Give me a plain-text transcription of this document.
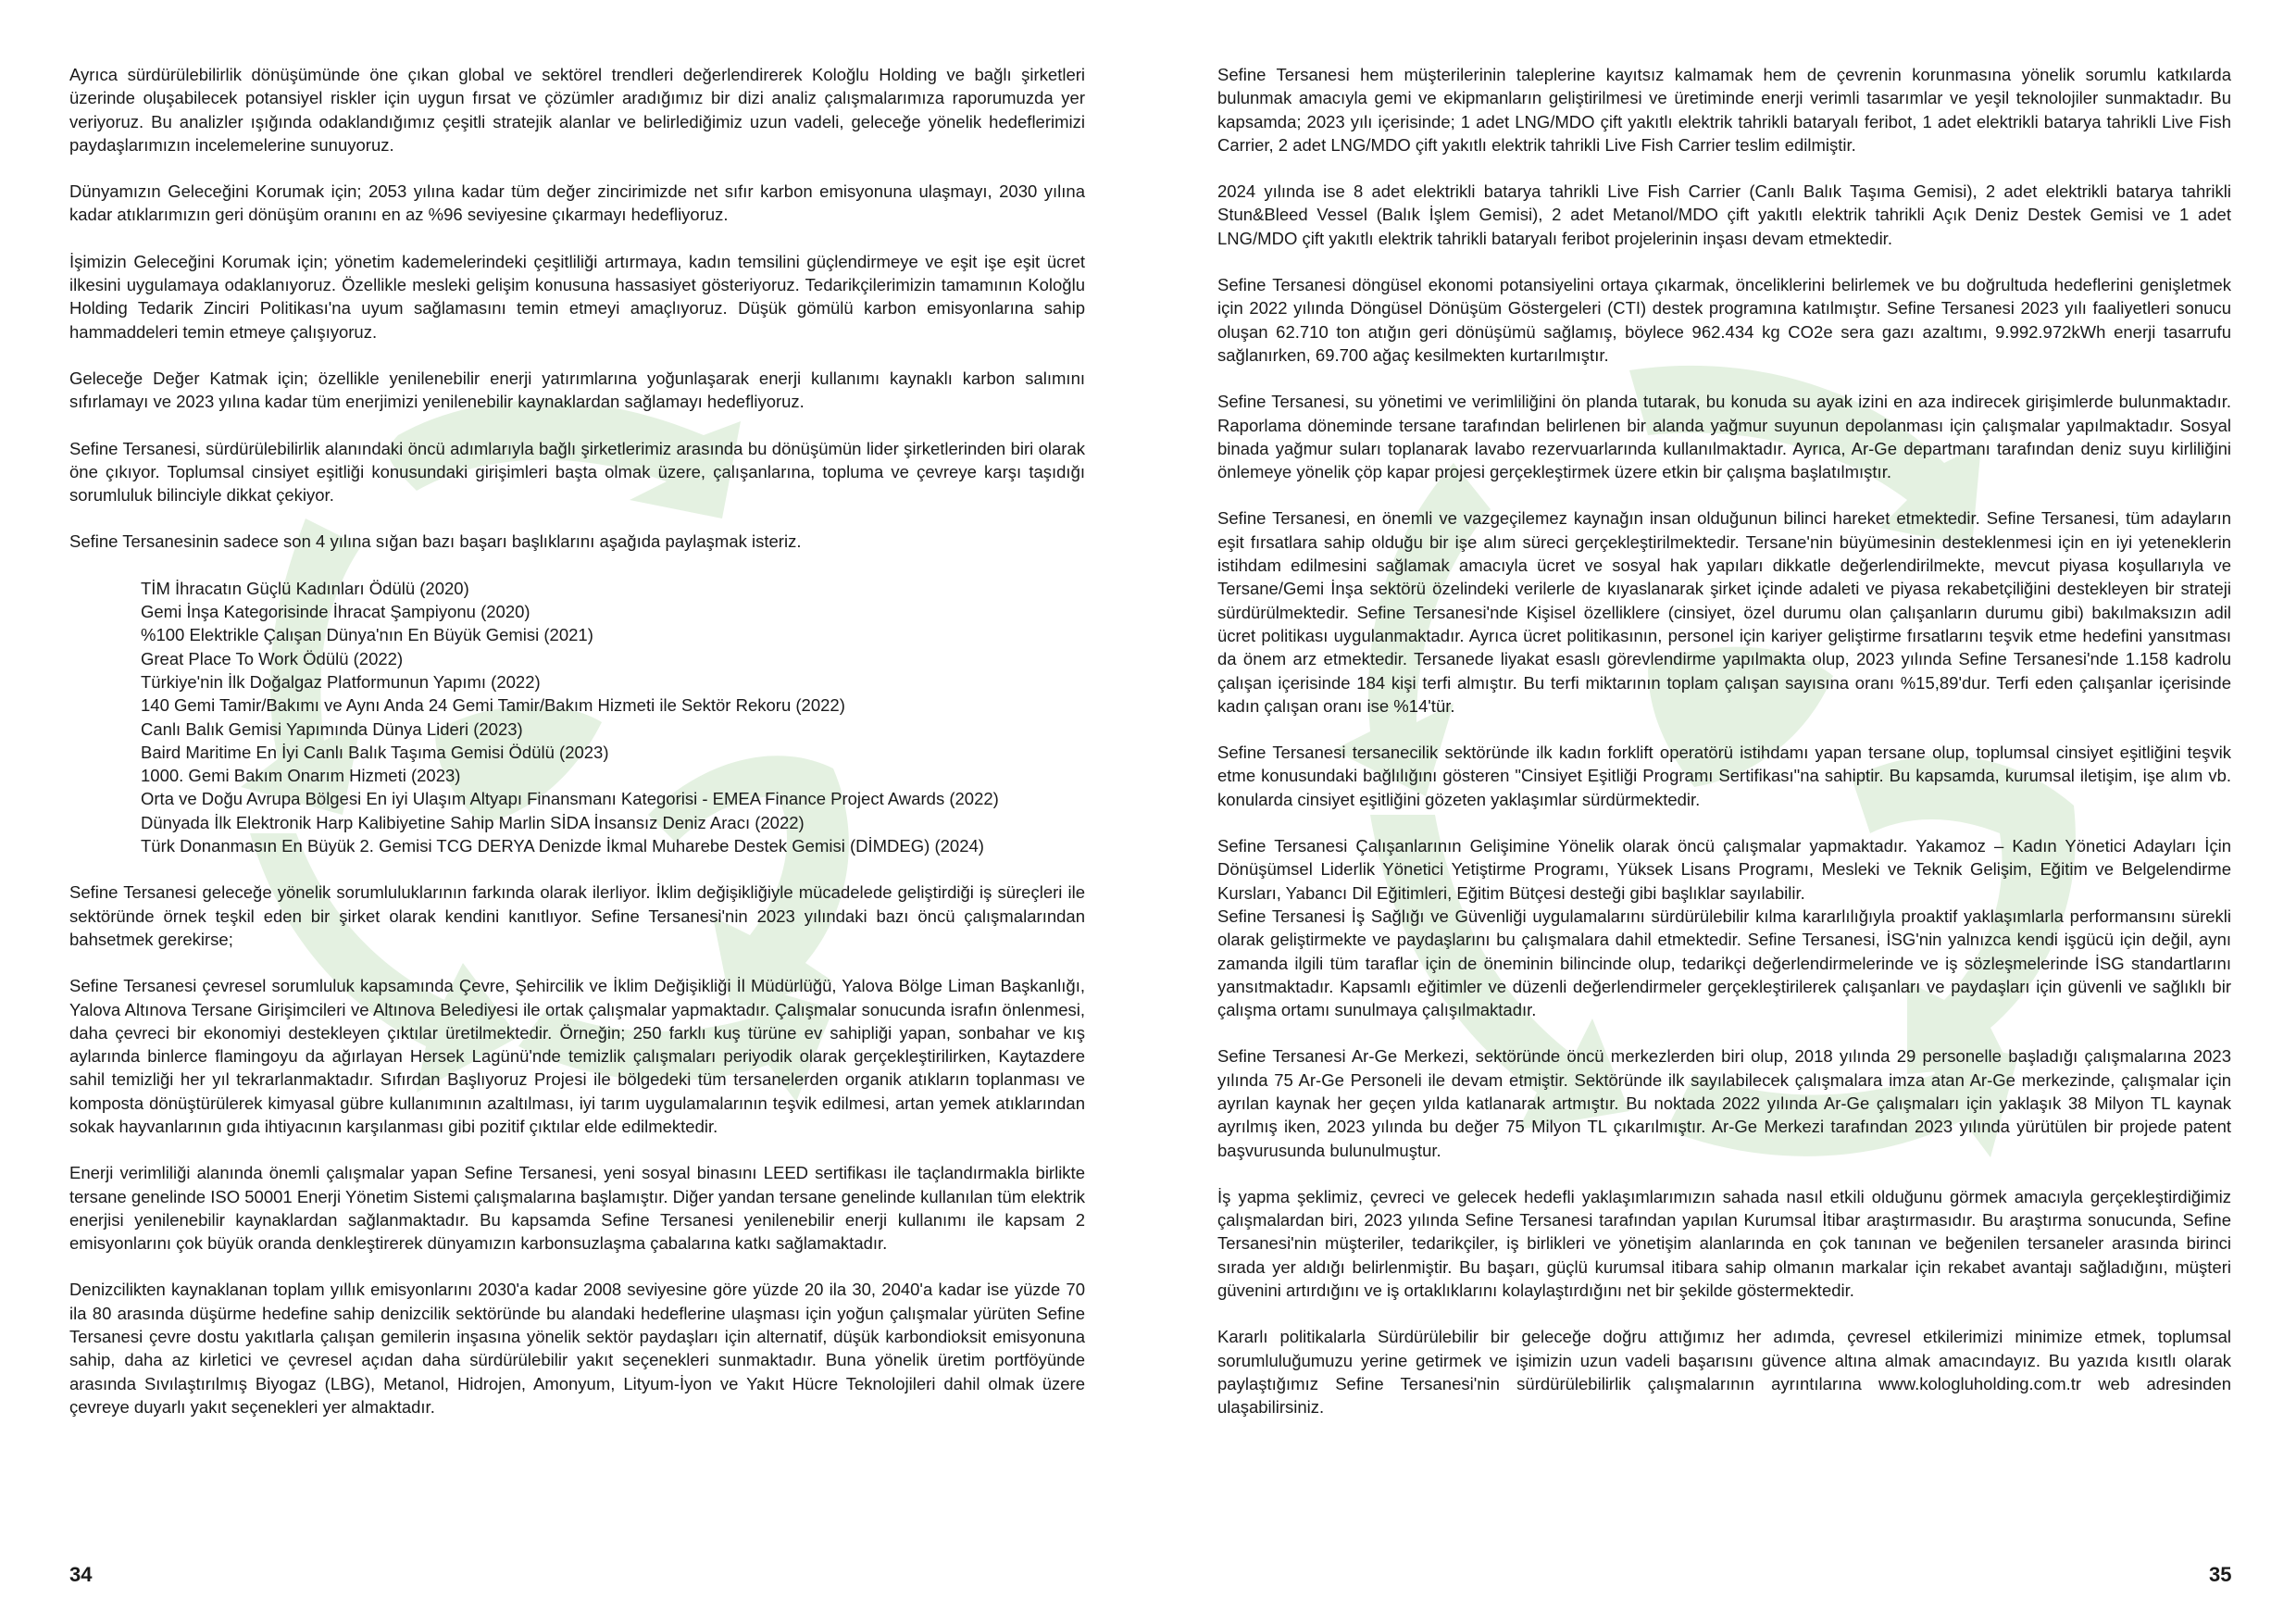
Ayrıca sürdürülebilirlik dönüşümünde öne çıkan global ve sektörel trendleri değerlendirerek Koloğlu Holding ve bağlı şirketleri üzerinde oluşabilecek potansiyel riskler için uygun fırsat ve çözümler aradığımız bir dizi analiz çalışmalarımıza raporumuzda yer veriyoruz. Bu analizler ışığında odaklandığımız çeşitli stratejik alanlar ve belirlediğimiz uzun vadeli, geleceğe yönelik hedeflerimizi paydaşlarımızın incelemelerine sunuyoruz.

Dünyamızın Geleceğini Korumak için; 2053 yılına kadar tüm değer zincirimizde net sıfır karbon emisyonuna ulaşmayı, 2030 yılına kadar atıklarımızın geri dönüşüm oranını en az %96 seviyesine çıkarmayı hedefliyoruz.

İşimizin Geleceğini Korumak için; yönetim kademelerindeki çeşitliliği artırmaya, kadın temsilini güçlendirmeye ve eşit işe eşit ücret ilkesini uygulamaya odaklanıyoruz. Özellikle mesleki gelişim konusuna hassasiyet gösteriyoruz. Tedarikçilerimizin tamamının Koloğlu Holding Tedarik Zinciri Politikası'na uyum sağlamasını temin etmeyi amaçlıyoruz. Düşük gömülü karbon emisyonlarına sahip hammaddeleri temin etmeye çalışıyoruz.

Geleceğe Değer Katmak için; özellikle yenilenebilir enerji yatırımlarına yoğunlaşarak enerji kullanımı kaynaklı karbon salımını sıfırlamayı ve 2023 yılına kadar tüm enerjimizi yenilenebilir kaynaklardan sağlamayı hedefliyoruz.

Sefine Tersanesi, sürdürülebilirlik alanındaki öncü adımlarıyla bağlı şirketlerimiz arasında bu dönüşümün lider şirketlerinden biri olarak öne çıkıyor. Toplumsal cinsiyet eşitliği konusundaki girişimleri başta olmak üzere, çalışanlarına, topluma ve çevreye karşı taşıdığı sorumluluk bilinciyle dikkat çekiyor.

Sefine Tersanesinin sadece son 4 yılına sığan bazı başarı başlıklarını aşağıda paylaşmak isteriz.

TİM İhracatın Güçlü Kadınları Ödülü (2020)
Gemi İnşa Kategorisinde İhracat Şampiyonu (2020)
%100 Elektrikle Çalışan Dünya'nın En Büyük Gemisi (2021)
Great Place To Work Ödülü (2022)
Türkiye'nin İlk Doğalgaz Platformunun Yapımı (2022)
140 Gemi Tamir/Bakımı ve Aynı Anda 24 Gemi Tamir/Bakım Hizmeti ile Sektör Rekoru (2022)
Canlı Balık Gemisi Yapımında Dünya Lideri (2023)
Baird Maritime En İyi Canlı Balık Taşıma Gemisi Ödülü (2023)
1000. Gemi Bakım Onarım Hizmeti (2023)
Orta ve Doğu Avrupa Bölgesi En iyi Ulaşım Altyapı Finansmanı Kategorisi - EMEA Finance Project Awards (2022)
Dünyada İlk Elektronik Harp Kalibiyetine Sahip Marlin SİDA İnsansız Deniz Aracı (2022)
Türk Donanmasın En Büyük 2. Gemisi TCG DERYA Denizde İkmal Muharebe Destek Gemisi (DİMDEG) (2024)

Sefine Tersanesi geleceğe yönelik sorumluluklarının farkında olarak ilerliyor. İklim değişikliğiyle mücadelede geliştirdiği iş süreçleri ile sektöründe örnek teşkil eden bir şirket olarak kendini kanıtlıyor. Sefine Tersanesi'nin 2023 yılındaki bazı öncü çalışmalarından bahsetmek gerekirse;

Sefine Tersanesi çevresel sorumluluk kapsamında Çevre, Şehircilik ve İklim Değişikliği İl Müdürlüğü, Yalova Bölge Liman Başkanlığı, Yalova Altınova Tersane Girişimcileri ve Altınova Belediyesi ile ortak çalışmalar yapmaktadır. Çalışmalar sonucunda israfın önlenmesi, daha çevreci bir ekonomiyi destekleyen çıktılar üretilmektedir. Örneğin; 250 farklı kuş türüne ev sahipliği yapan, sonbahar ve kış aylarında binlerce flamingoyu da ağırlayan Hersek Lagünü'nde temizlik çalışmaları periyodik olarak gerçekleştirilirken, Kaytazdere sahil temizliği her yıl tekrarlanmaktadır. Sıfırdan Başlıyoruz Projesi ile bölgedeki tüm tersanelerden organik atıkların toplanması ve komposta dönüştürülerek kimyasal gübre kullanımının azaltılması, iyi tarım uygulamalarının teşvik edilmesi, artan yemek atıklarından sokak hayvanlarının gıda ihtiyacının karşılanması gibi pozitif çıktılar elde edilmektedir.

Enerji verimliliği alanında önemli çalışmalar yapan Sefine Tersanesi, yeni sosyal binasını LEED sertifikası ile taçlandırmakla birlikte tersane genelinde ISO 50001 Enerji Yönetim Sistemi çalışmalarına başlamıştır. Diğer yandan tersane genelinde kullanılan tüm elektrik enerjisi yenilenebilir kaynaklardan sağlanmaktadır. Bu kapsamda Sefine Tersanesi yenilenebilir enerji kullanımı ile kapsam 2 emisyonlarını çok büyük oranda denkleştirerek dünyamızın karbonsuzlaşma çabalarına katkı sağlamaktadır.

Denizcilikten kaynaklanan toplam yıllık emisyonlarını 2030'a kadar 2008 seviyesine göre yüzde 20 ila 30, 2040'a kadar ise yüzde 70 ila 80 arasında düşürme hedefine sahip denizcilik sektöründe bu alandaki hedeflerine ulaşması için yoğun çalışmalar yürüten Sefine Tersanesi çevre dostu yakıtlarla çalışan gemilerin inşasına yönelik sektör paydaşları için alternatif, düşük karbondioksit emisyonuna sahip, daha az kirletici ve çevresel açıdan daha sürdürülebilir yakıt seçenekleri sunmaktadır. Buna yönelik üretim portföyünde arasında Sıvılaştırılmış Biyogaz (LBG), Metanol, Hidrojen, Amonyum, Lityum-İyon ve Yakıt Hücre Teknolojileri dahil olmak üzere çevreye duyarlı yakıt seçenekleri yer almaktadır.

34

Sefine Tersanesi hem müşterilerinin taleplerine kayıtsız kalmamak hem de çevrenin korunmasına yönelik sorumlu katkılarda bulunmak amacıyla gemi ve ekipmanların geliştirilmesi ve üretiminde enerji verimli tasarımlar ve yeşil teknolojiler sunmaktadır. Bu kapsamda; 2023 yılı içerisinde; 1 adet LNG/MDO çift yakıtlı elektrik tahrikli bataryalı feribot, 1 adet elektrikli batarya tahrikli Live Fish Carrier, 2 adet LNG/MDO çift yakıtlı elektrik tahrikli Live Fish Carrier teslim edilmiştir.

2024 yılında ise 8 adet elektrikli batarya tahrikli Live Fish Carrier (Canlı Balık Taşıma Gemisi), 2 adet elektrikli batarya tahrikli Stun&Bleed Vessel (Balık İşlem Gemisi), 2 adet Metanol/MDO çift yakıtlı elektrik tahrikli Açık Deniz Destek Gemisi ve 1 adet LNG/MDO çift yakıtlı elektrik tahrikli bataryalı feribot projelerinin inşası devam etmektedir.

Sefine Tersanesi döngüsel ekonomi potansiyelini ortaya çıkarmak, önceliklerini belirlemek ve bu doğrultuda hedeflerini genişletmek için 2022 yılında Döngüsel Dönüşüm Göstergeleri (CTI) destek programına katılmıştır. Sefine Tersanesi 2023 yılı faaliyetleri sonucu oluşan 62.710 ton atığın geri dönüşümü sağlamış, böylece 962.434 kg CO2e sera gazı azaltımı, 9.992.972kWh enerji tasarrufu sağlanırken, 69.700 ağaç kesilmekten kurtarılmıştır.

Sefine Tersanesi, su yönetimi ve verimliliğini ön planda tutarak, bu konuda su ayak izini en aza indirecek girişimlerde bulunmaktadır. Raporlama döneminde tersane tarafından belirlenen bir alanda yağmur suyunun depolanması için çalışmalar yapılmaktadır. Sosyal binada yağmur suları toplanarak lavabo rezervuarlarında kullanılmaktadır. Ayrıca, Ar-Ge departmanı tarafından deniz suyu kirliliğini önlemeye yönelik çöp kapar projesi gerçekleştirmek üzere etkin bir çalışma başlatılmıştır.

Sefine Tersanesi, en önemli ve vazgeçilemez kaynağın insan olduğunun bilinci hareket etmektedir. Sefine Tersanesi, tüm adayların eşit fırsatlara sahip olduğu bir işe alım süreci gerçekleştirilmektedir. Tersane'nin büyümesinin desteklenmesi için en iyi yeteneklerin istihdam edilmesini sağlamak amacıyla ücret ve sosyal hak yapıları dikkatle değerlendirilmekte, mevcut piyasa koşullarıyla ve Tersane/Gemi İnşa sektörü özelindeki verilerle de kıyaslanarak şirket içinde adaleti ve piyasa rekabetçiliğini destekleyen bir strateji sürdürülmektedir. Sefine Tersanesi'nde Kişisel özelliklere (cinsiyet, özel durumu olan çalışanların durumu gibi) bakılmaksızın adil ücret politikası uygulanmaktadır. Ayrıca ücret politikasının, personel için kariyer geliştirme fırsatlarını teşvik etme hedefini yansıtması da önem arz etmektedir. Tersanede liyakat esaslı görevlendirme yapılmakta olup, 2023 yılında Sefine Tersanesi'nde 1.158 kadrolu çalışan içerisinde 184 kişi terfi almıştır. Bu terfi miktarının toplam çalışan sayısına oranı %15,89'dur. Terfi eden çalışanlar içerisinde kadın çalışan oranı ise %14'tür.

Sefine Tersanesi tersanecilik sektöründe ilk kadın forklift operatörü istihdamı yapan tersane olup, toplumsal cinsiyet eşitliğini teşvik etme konusundaki bağlılığını gösteren "Cinsiyet Eşitliği Programı Sertifikası"na sahiptir. Bu kapsamda, kurumsal iletişim, işe alım vb. konularda cinsiyet eşitliğini gözeten yaklaşımlar sürdürmektedir.

Sefine Tersanesi Çalışanlarının Gelişimine Yönelik olarak öncü çalışmalar yapmaktadır. Yakamoz – Kadın Yönetici Adayları İçin Dönüşümsel Liderlik Yönetici Yetiştirme Programı, Yüksek Lisans Programı, Mesleki ve Teknik Gelişim, Eğitim ve Belgelendirme Kursları, Yabancı Dil Eğitimleri, Eğitim Bütçesi desteği gibi başlıklar sayılabilir.

Sefine Tersanesi İş Sağlığı ve Güvenliği uygulamalarını sürdürülebilir kılma kararlılığıyla proaktif yaklaşımlarla performansını sürekli olarak geliştirmekte ve paydaşlarını bu çalışmalara dahil etmektedir. Sefine Tersanesi, İSG'nin yalnızca kendi işgücü için değil, aynı zamanda ilgili tüm taraflar için de öneminin bilincinde olup, tedarikçi değerlendirmelerinde ve iş sözleşmelerinde İSG standartlarını yansıtmaktadır. Kapsamlı eğitimler ve düzenli değerlendirmeler gerçekleştirilerek çalışanları ve paydaşları için güvenli ve sağlıklı bir çalışma ortamı sunulmaya çalışılmaktadır.

Sefine Tersanesi Ar-Ge Merkezi, sektöründe öncü merkezlerden biri olup, 2018 yılında 29 personelle başladığı çalışmalarına 2023 yılında 75 Ar-Ge Personeli ile devam etmiştir. Sektöründe ilk sayılabilecek çalışmalara imza atan Ar-Ge merkezinde, çalışmalar için ayrılan kaynak her geçen yılda katlanarak artmıştır. Bu noktada 2022 yılında Ar-Ge çalışmaları için yaklaşık 38 Milyon TL kaynak ayrılmış iken, 2023 yılında bu değer 75 Milyon TL çıkarılmıştır. Ar-Ge Merkezi tarafından 2023 yılında yürütülen bir projede patent başvurusunda bulunulmuştur.

İş yapma şeklimiz, çevreci ve gelecek hedefli yaklaşımlarımızın sahada nasıl etkili olduğunu görmek amacıyla gerçekleştirdiğimiz çalışmalardan biri, 2023 yılında Sefine Tersanesi tarafından yapılan Kurumsal İtibar araştırmasıdır. Bu araştırma sonucunda, Sefine Tersanesi'nin müşteriler, tedarikçiler, iş birlikleri ve yönetişim alanlarında en çok tanınan ve beğenilen tersaneler arasında birinci sırada yer aldığı belirlenmiştir. Bu başarı, güçlü kurumsal itibara sahip olmanın markalar için rekabet avantajı sağladığını, müşteri güvenini artırdığını ve iş ortaklıklarını kolaylaştırdığını net bir şekilde göstermektedir.

Kararlı politikalarla Sürdürülebilir bir geleceğe doğru attığımız her adımda, çevresel etkilerimizi minimize etmek, toplumsal sorumluluğumuzu yerine getirmek ve işimizin uzun vadeli başarısını güvence altına almak amacındayız. Bu yazıda kısıtlı olarak paylaştığımız Sefine Tersanesi'nin sürdürülebilirlik çalışmalarının ayrıntılarına www.kologluholding.com.tr web adresinden ulaşabilirsiniz.

35
